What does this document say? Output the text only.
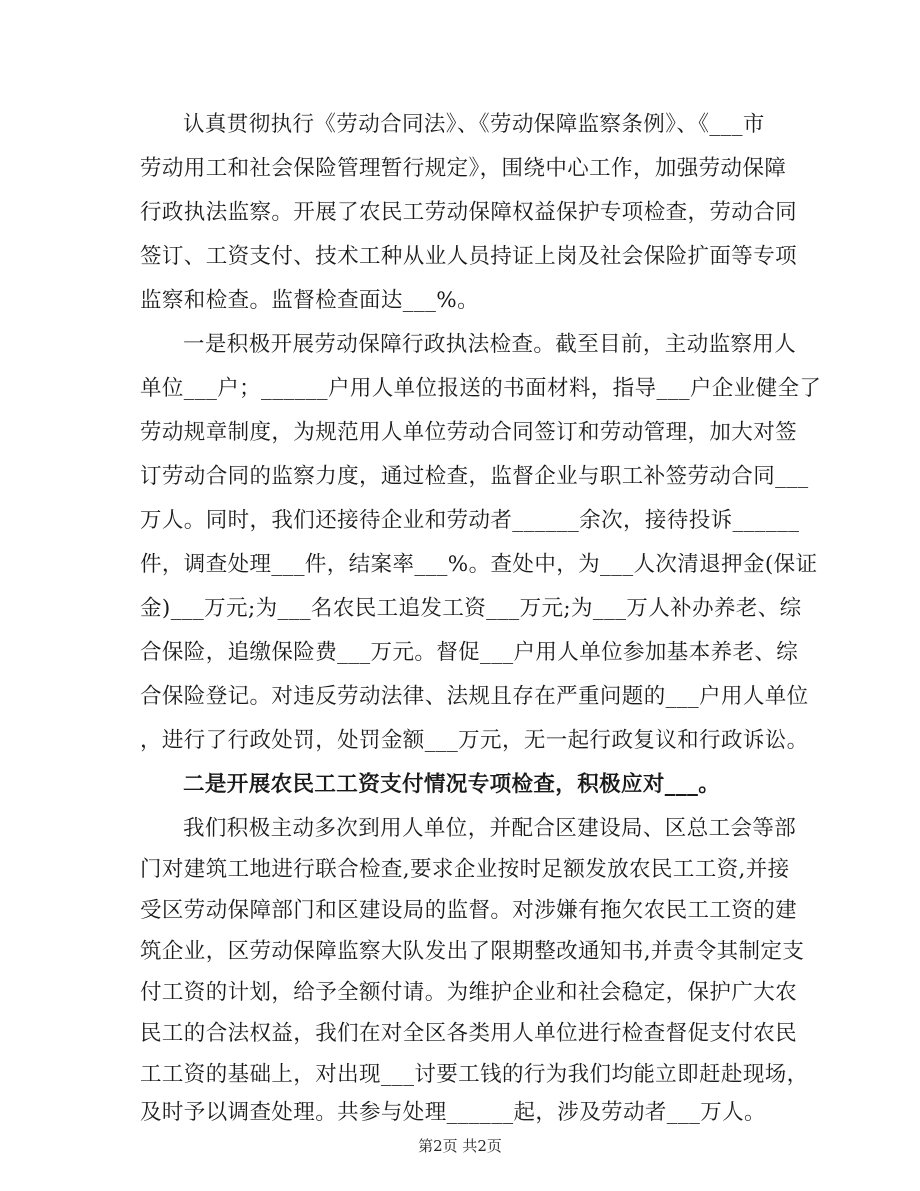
认真贯彻执行《劳动合同法》、《劳动保障监察条例》、《___市
劳动用工和社会保险管理暂行规定》，围绕中心工作，加强劳动保障
行政执法监察。开展了农民工劳动保障权益保护专项检查，劳动合同
签订、工资支付、技术工种从业人员持证上岗及社会保险扩面等专项
监察和检查。监督检查面达___%。
一是积极开展劳动保障行政执法检查。截至目前，主动监察用人
单位___户；______户用人单位报送的书面材料，指导___户企业健全了
劳动规章制度，为规范用人单位劳动合同签订和劳动管理，加大对签
订劳动合同的监察力度，通过检查，监督企业与职工补签劳动合同___
万人。同时，我们还接待企业和劳动者______余次，接待投诉______
件，调查处理___件，结案率___%。查处中，为___人次清退押金(保证
金)___万元;为___名农民工追发工资___万元;为___万人补办养老、综
合保险，追缴保险费___万元。督促___户用人单位参加基本养老、综
合保险登记。对违反劳动法律、法规且存在严重问题的___户用人单位
，进行了行政处罚，处罚金额___万元，无一起行政复议和行政诉讼。
二是开展农民工工资支付情况专项检查，积极应对___。
我们积极主动多次到用人单位，并配合区建设局、区总工会等部
门对建筑工地进行联合检查,要求企业按时足额发放农民工工资,并接
受区劳动保障部门和区建设局的监督。对涉嫌有拖欠农民工工资的建
筑企业，区劳动保障监察大队发出了限期整改通知书,并责令其制定支
付工资的计划，给予全额付请。为维护企业和社会稳定，保护广大农
民工的合法权益，我们在对全区各类用人单位进行检查督促支付农民
工工资的基础上，对出现___讨要工钱的行为我们均能立即赶赴现场，
第2页 共2页
及时予以调查处理。共参与处理______起，涉及劳动者___万人。
